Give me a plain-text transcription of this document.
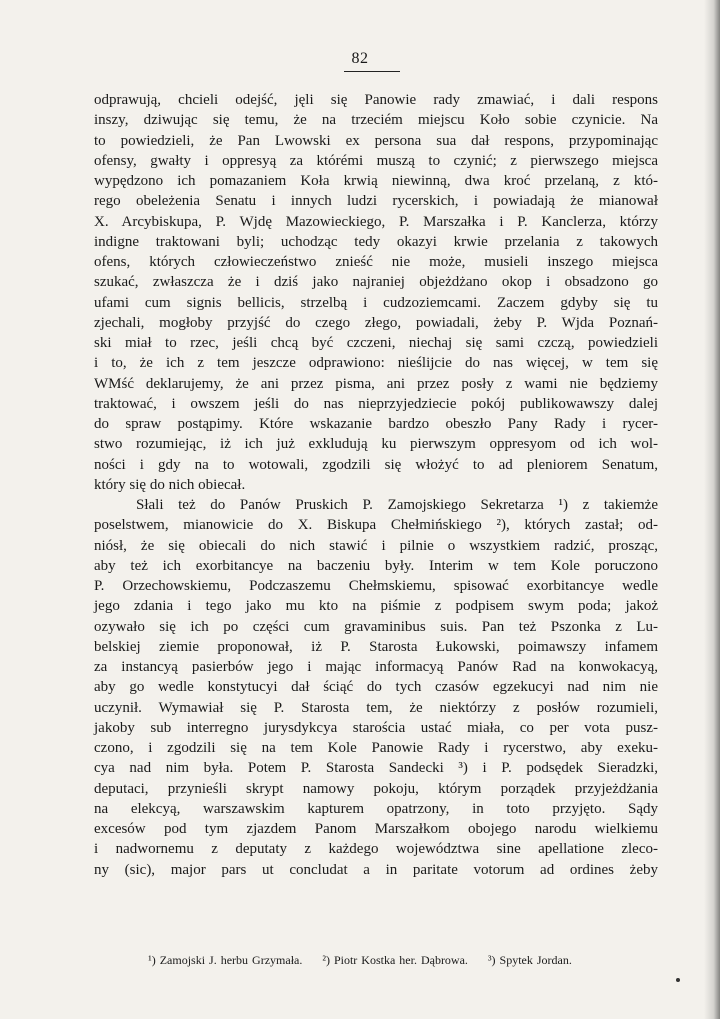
82
odprawują, chcieli odejść, jęli się Panowie rady zmawiać, i dali respons
inszy, dziwując się temu, że na trzeciém miejscu Koło sobie czynicie. Na
to powiedzieli, że Pan Lwowski ex persona sua dał respons, przypominając
ofensy, gwałty i oppresyą za którémi muszą to czynić; z pierwszego miejsca
wypędzono ich pomazaniem Koła krwią niewinną, dwa kroć przelaną, z któ-
rego obeleżenia Senatu i innych ludzi rycerskich, i powiadają że mianował
X. Arcybiskupa, P. Wjdę Mazowieckiego, P. Marszałka i P. Kanclerza, którzy
indigne traktowani byli; uchodząc tedy okazyi krwie przelania z takowych
ofens, których człowieczeństwo znieść nie może, musieli inszego miejsca
szukać, zwłaszcza że i dziś jako najraniej objeżdżano okop i obsadzono go
ufami cum signis bellicis, strzelbą i cudzoziemcami. Zaczem gdyby się tu
zjechali, mogłoby przyjść do czego złego, powiadali, żeby P. Wjda Poznań-
ski miał to rzec, jeśli chcą być czczeni, niechaj się sami czczą, powiedzieli
i to, że ich z tem jeszcze odprawiono: nieślijcie do nas więcej, w tem się
WMść deklarujemy, że ani przez pisma, ani przez posły z wami nie będziemy
traktować, i owszem jeśli do nas nieprzyjedziecie pokój publikowawszy dalej
do spraw postąpimy. Które wskazanie bardzo obeszło Pany Rady i rycer-
stwo rozumiejąc, iż ich już exkludują ku pierwszym oppresyom od ich wol-
ności i gdy na to wotowali, zgodzili się włożyć to ad pleniorem Senatum,
który się do nich obiecał.
Słali też do Panów Pruskich P. Zamojskiego Sekretarza ¹) z takiemże
poselstwem, mianowicie do X. Biskupa Chełmińskiego ²), których zastał; od-
niósł, że się obiecali do nich stawić i pilnie o wszystkiem radzić, prosząc,
aby też ich exorbitancye na baczeniu były. Interim w tem Kole poruczono
P. Orzechowskiemu, Podczaszemu Chełmskiemu, spisować exorbitancye wedle
jego zdania i tego jako mu kto na piśmie z podpisem swym poda; jakoż
ozywało się ich po części cum gravaminibus suis. Pan też Pszonka z Lu-
belskiej ziemie proponował, iż P. Starosta Łukowski, poimawszy infamem
za instancyą pasierbów jego i mając informacyą Panów Rad na konwokacyą,
aby go wedle konstytucyi dał ściąć do tych czasów egzekucyi nad nim nie
uczynił. Wymawiał się P. Starosta tem, że niektórzy z posłów rozumieli,
jakoby sub interregno jurysdykcya starościa ustać miała, co per vota pusz-
czono, i zgodzili się na tem Kole Panowie Rady i rycerstwo, aby exeku-
cya nad nim była. Potem P. Starosta Sandecki ³) i P. podsędek Sieradzki,
deputaci, przynieśli skrypt namowy pokoju, którym porządek przyjeżdżania
na elekcyą, warszawskim kapturem opatrzony, in toto przyjęto. Sądy
excesów pod tym zjazdem Panom Marszałkom obojego narodu wielkiemu
i nadwornemu z deputaty z każdego województwa sine apellatione zleco-
ny (sic), major pars ut concludat a in paritate votorum ad ordines żeby
¹) Zamojski J. herbu Grzymała. ²) Piotr Kostka her. Dąbrowa. ³) Spytek Jordan.
